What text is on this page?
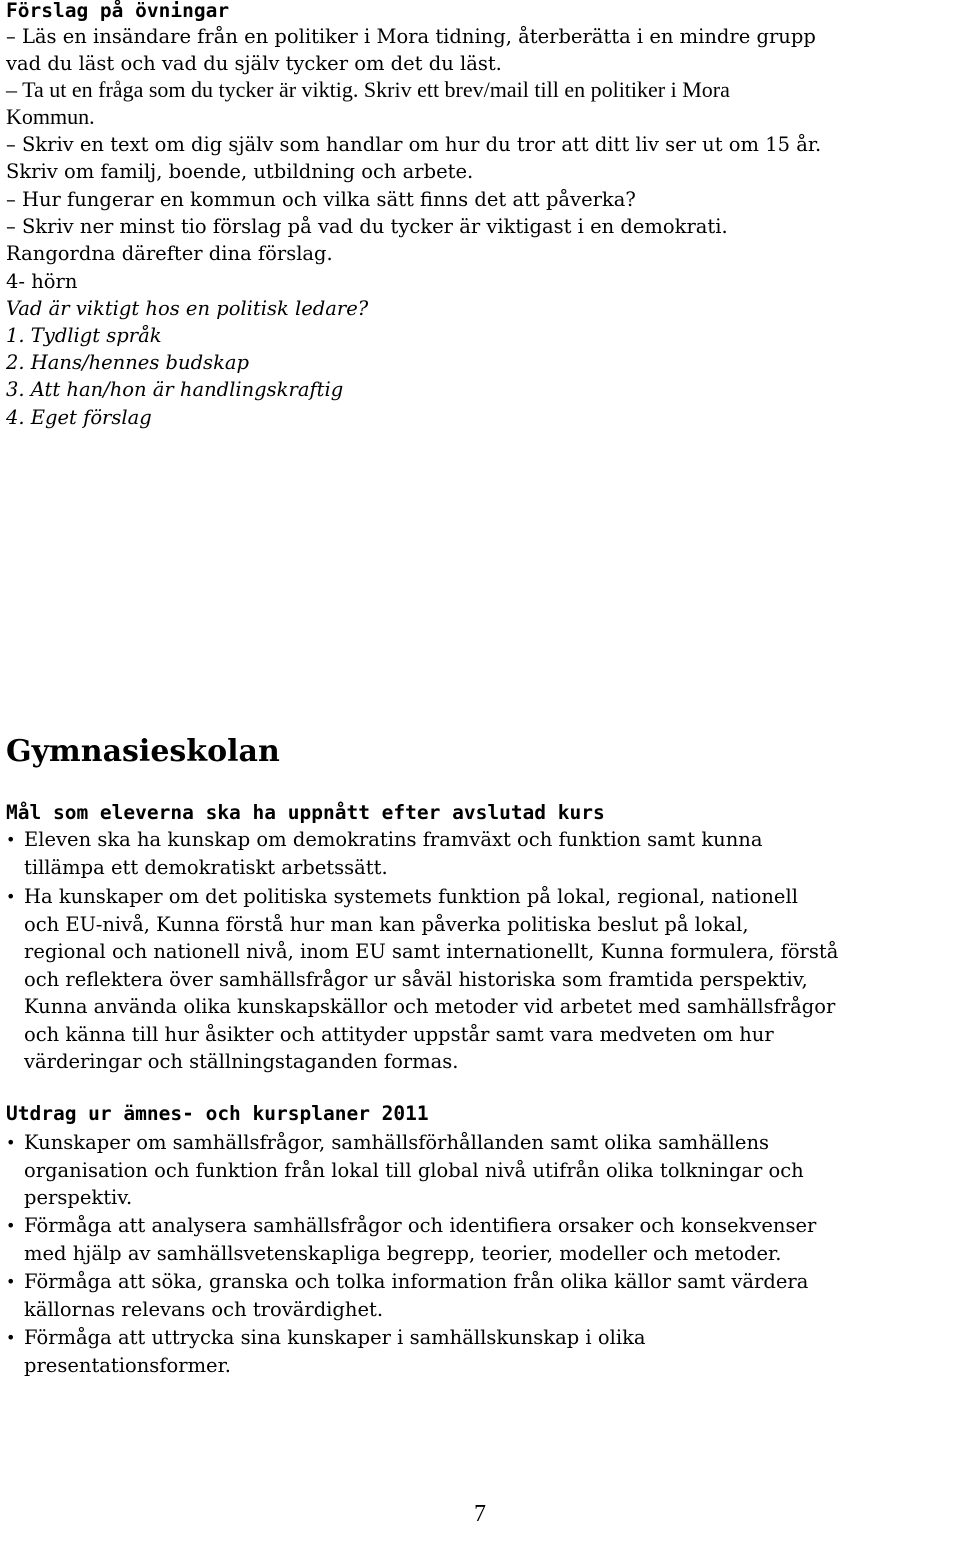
Förslag på övningar
– Läs en insändare från en politiker i Mora tidning, återberätta i en mindre grupp
vad du läst och vad du själv tycker om det du läst.
– Ta ut en fråga som du tycker är viktig. Skriv ett brev/mail till en politiker i Mora
Kommun.
– Skriv en text om dig själv som handlar om hur du tror att ditt liv ser ut om 15 år.
Skriv om familj, boende, utbildning och arbete.
– Hur fungerar en kommun och vilka sätt finns det att påverka?
– Skriv ner minst tio förslag på vad du tycker är viktigast i en demokrati.
Rangordna därefter dina förslag.
4- hörn
Vad är viktigt hos en politisk ledare?
1. Tydligt språk
2. Hans/hennes budskap
3. Att han/hon är handlingskraftig
4. Eget förslag
Gymnasieskolan
Mål som eleverna ska ha uppnått efter avslutad kurs
• Eleven ska ha kunskap om demokratins framväxt och funktion samt kunna
tillämpa ett demokratiskt arbetssätt.
• Ha kunskaper om det politiska systemets funktion på lokal, regional, nationell
och EU-nivå, Kunna förstå hur man kan påverka politiska beslut på lokal,
regional och nationell nivå, inom EU samt internationellt, Kunna formulera, förstå
och reflektera över samhällsfrågor ur såväl historiska som framtida perspektiv,
Kunna använda olika kunskapskällor och metoder vid arbetet med samhällsfrågor
och känna till hur åsikter och attityder uppstår samt vara medveten om hur
värderingar och ställningstaganden formas.
Utdrag ur ämnes- och kursplaner 2011
• Kunskaper om samhällsfrågor, samhällsförhållanden samt olika samhällens
organisation och funktion från lokal till global nivå utifrån olika tolkningar och
perspektiv.
• Förmåga att analysera samhällsfrågor och identifiera orsaker och konsekvenser
med hjälp av samhällsvetenskapliga begrepp, teorier, modeller och metoder.
• Förmåga att söka, granska och tolka information från olika källor samt värdera
källornas relevans och trovärdighet.
• Förmåga att uttrycka sina kunskaper i samhällskunskap i olika
presentationsformer.
7
